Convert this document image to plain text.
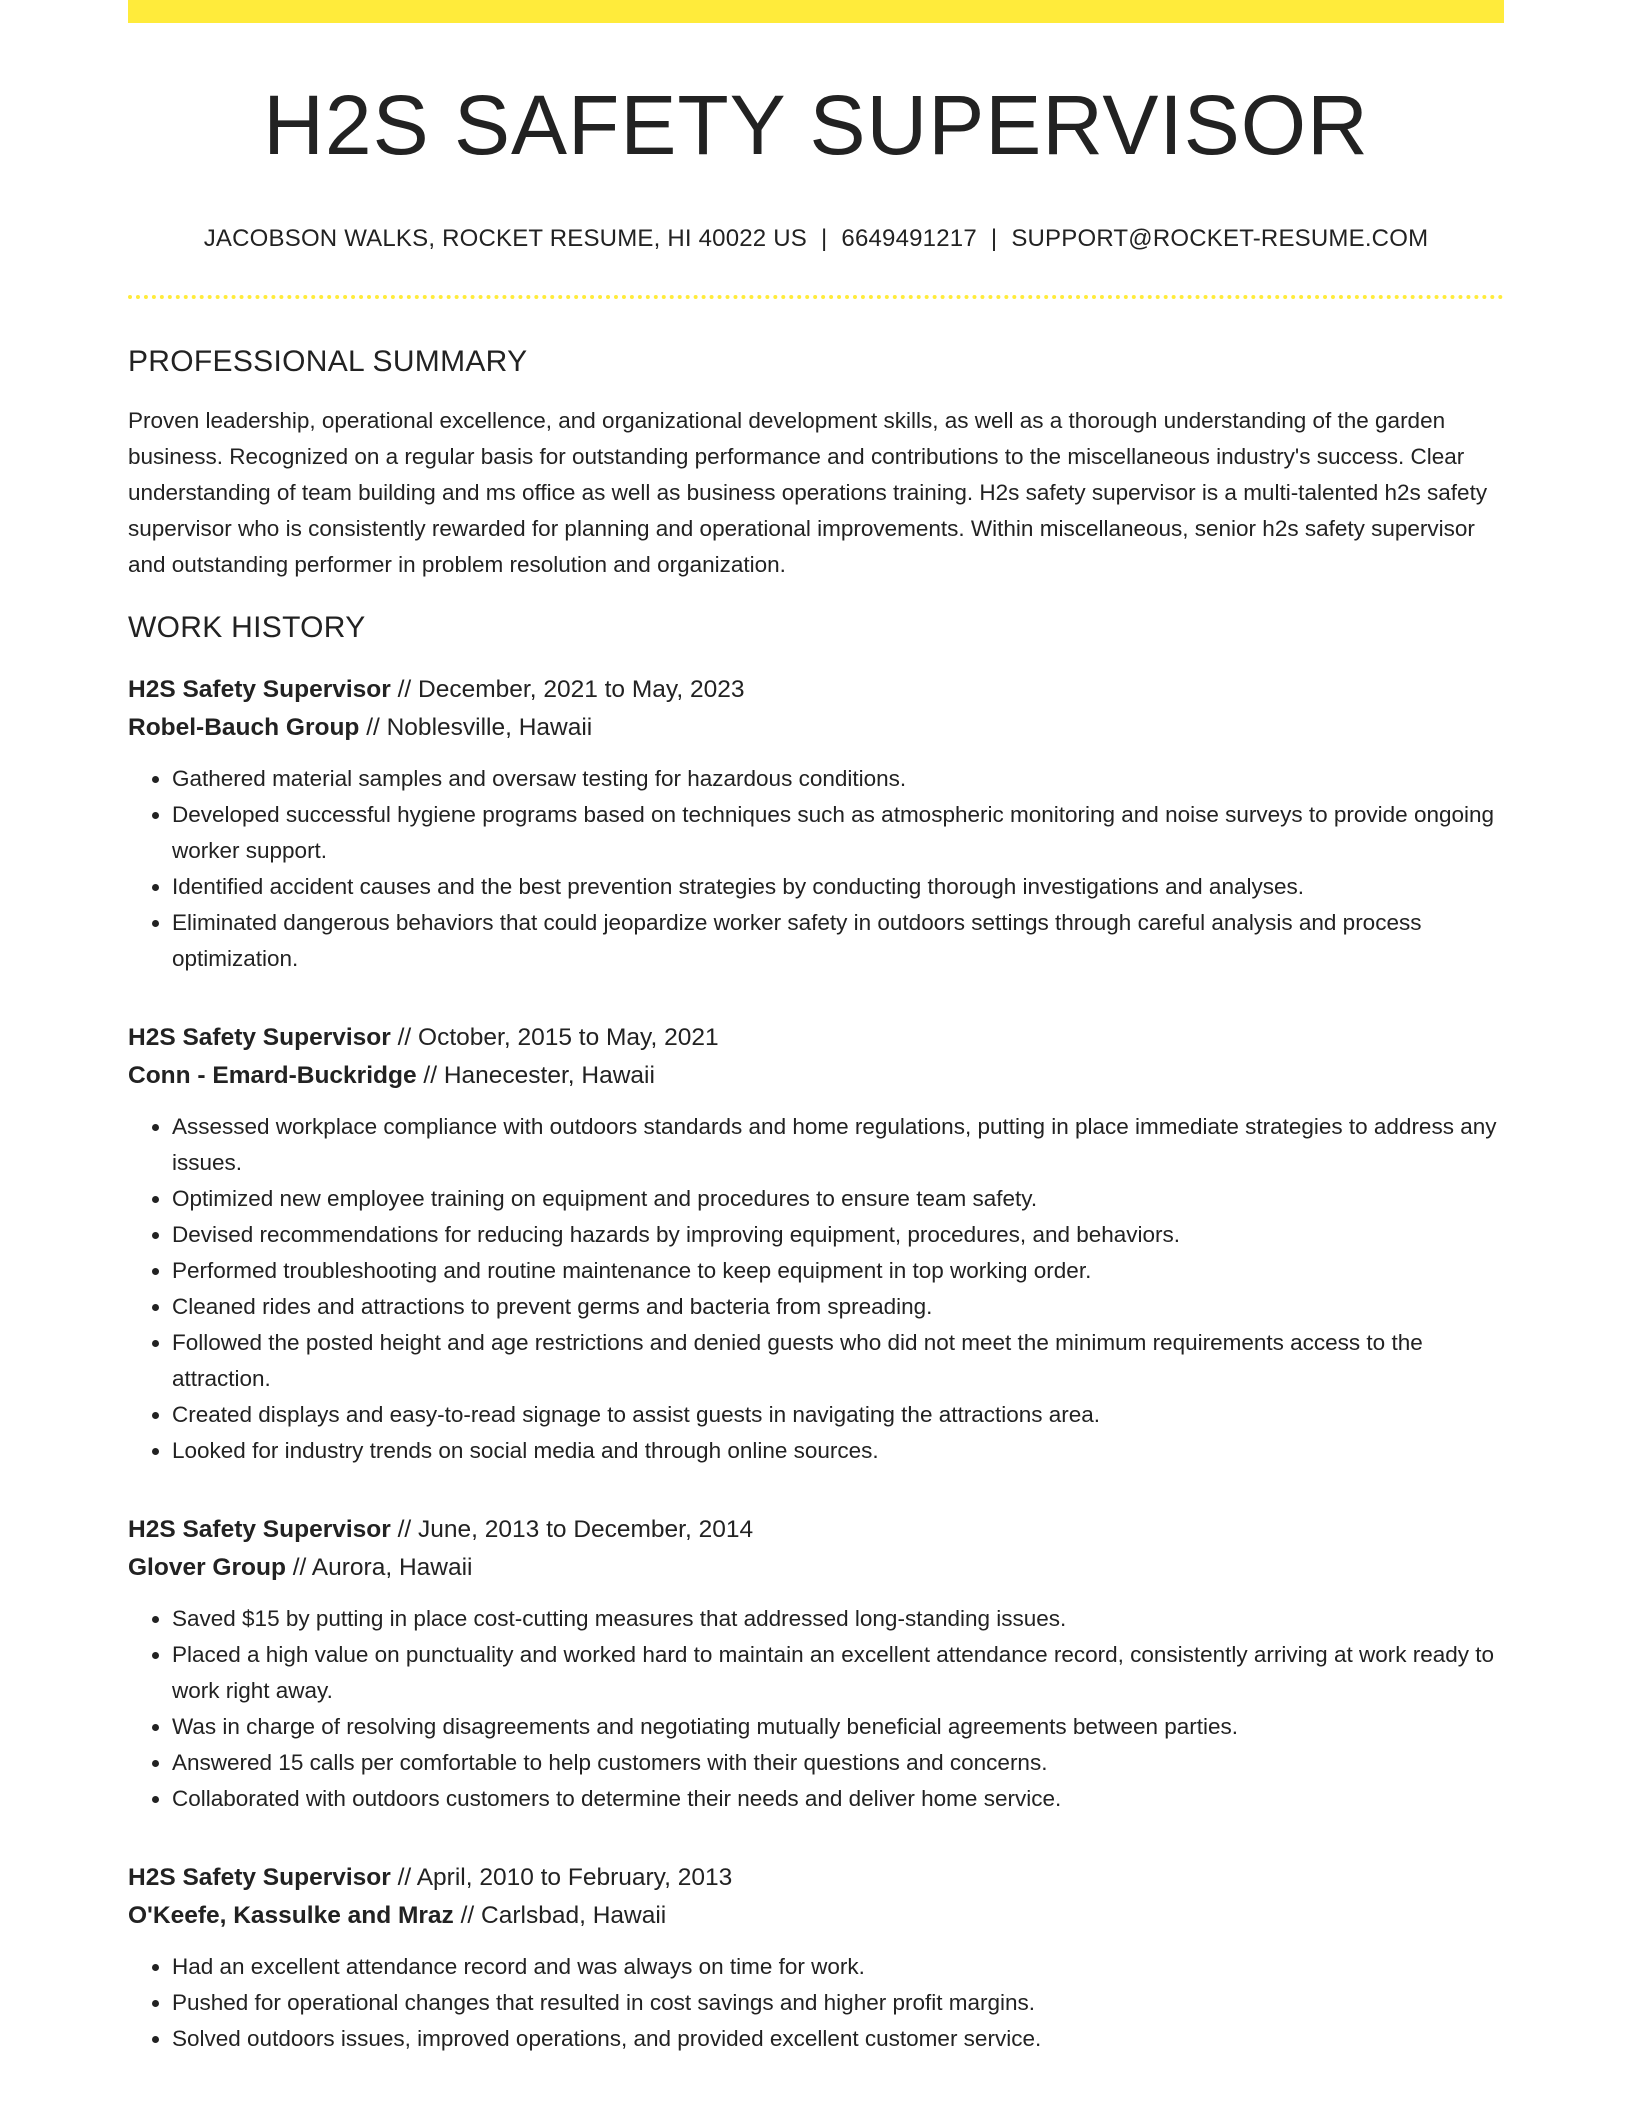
H2S SAFETY SUPERVISOR
JACOBSON WALKS, ROCKET RESUME, HI 40022 US | 6649491217 | SUPPORT@ROCKET-RESUME.COM
PROFESSIONAL SUMMARY

Proven leadership, operational excellence, and organizational development skills, as well as a thorough understanding of the garden business. Recognized on a regular basis for outstanding performance and contributions to the miscellaneous industry's success. Clear understanding of team building and ms office as well as business operations training. H2s safety supervisor is a multi-talented h2s safety supervisor who is consistently rewarded for planning and operational improvements. Within miscellaneous, senior h2s safety supervisor and outstanding performer in problem resolution and organization.

WORK HISTORY
H2S Safety Supervisor // December, 2021 to May, 2023
Robel-Bauch Group // Noblesville, Hawaii
• Gathered material samples and oversaw testing for hazardous conditions.
• Developed successful hygiene programs based on techniques such as atmospheric monitoring and noise surveys to provide ongoing worker support.
• Identified accident causes and the best prevention strategies by conducting thorough investigations and analyses.
• Eliminated dangerous behaviors that could jeopardize worker safety in outdoors settings through careful analysis and process optimization.
H2S Safety Supervisor // October, 2015 to May, 2021
Conn - Emard-Buckridge // Hanecester, Hawaii
• Assessed workplace compliance with outdoors standards and home regulations, putting in place immediate strategies to address any issues.
• Optimized new employee training on equipment and procedures to ensure team safety.
• Devised recommendations for reducing hazards by improving equipment, procedures, and behaviors.
• Performed troubleshooting and routine maintenance to keep equipment in top working order.
• Cleaned rides and attractions to prevent germs and bacteria from spreading.
• Followed the posted height and age restrictions and denied guests who did not meet the minimum requirements access to the attraction.
• Created displays and easy-to-read signage to assist guests in navigating the attractions area.
• Looked for industry trends on social media and through online sources.
H2S Safety Supervisor // June, 2013 to December, 2014
Glover Group // Aurora, Hawaii
• Saved $15 by putting in place cost-cutting measures that addressed long-standing issues.
• Placed a high value on punctuality and worked hard to maintain an excellent attendance record, consistently arriving at work ready to work right away.
• Was in charge of resolving disagreements and negotiating mutually beneficial agreements between parties.
• Answered 15 calls per comfortable to help customers with their questions and concerns.
• Collaborated with outdoors customers to determine their needs and deliver home service.
H2S Safety Supervisor // April, 2010 to February, 2013
O'Keefe, Kassulke and Mraz // Carlsbad, Hawaii
• Had an excellent attendance record and was always on time for work.
• Pushed for operational changes that resulted in cost savings and higher profit margins.
• Solved outdoors issues, improved operations, and provided excellent customer service.
